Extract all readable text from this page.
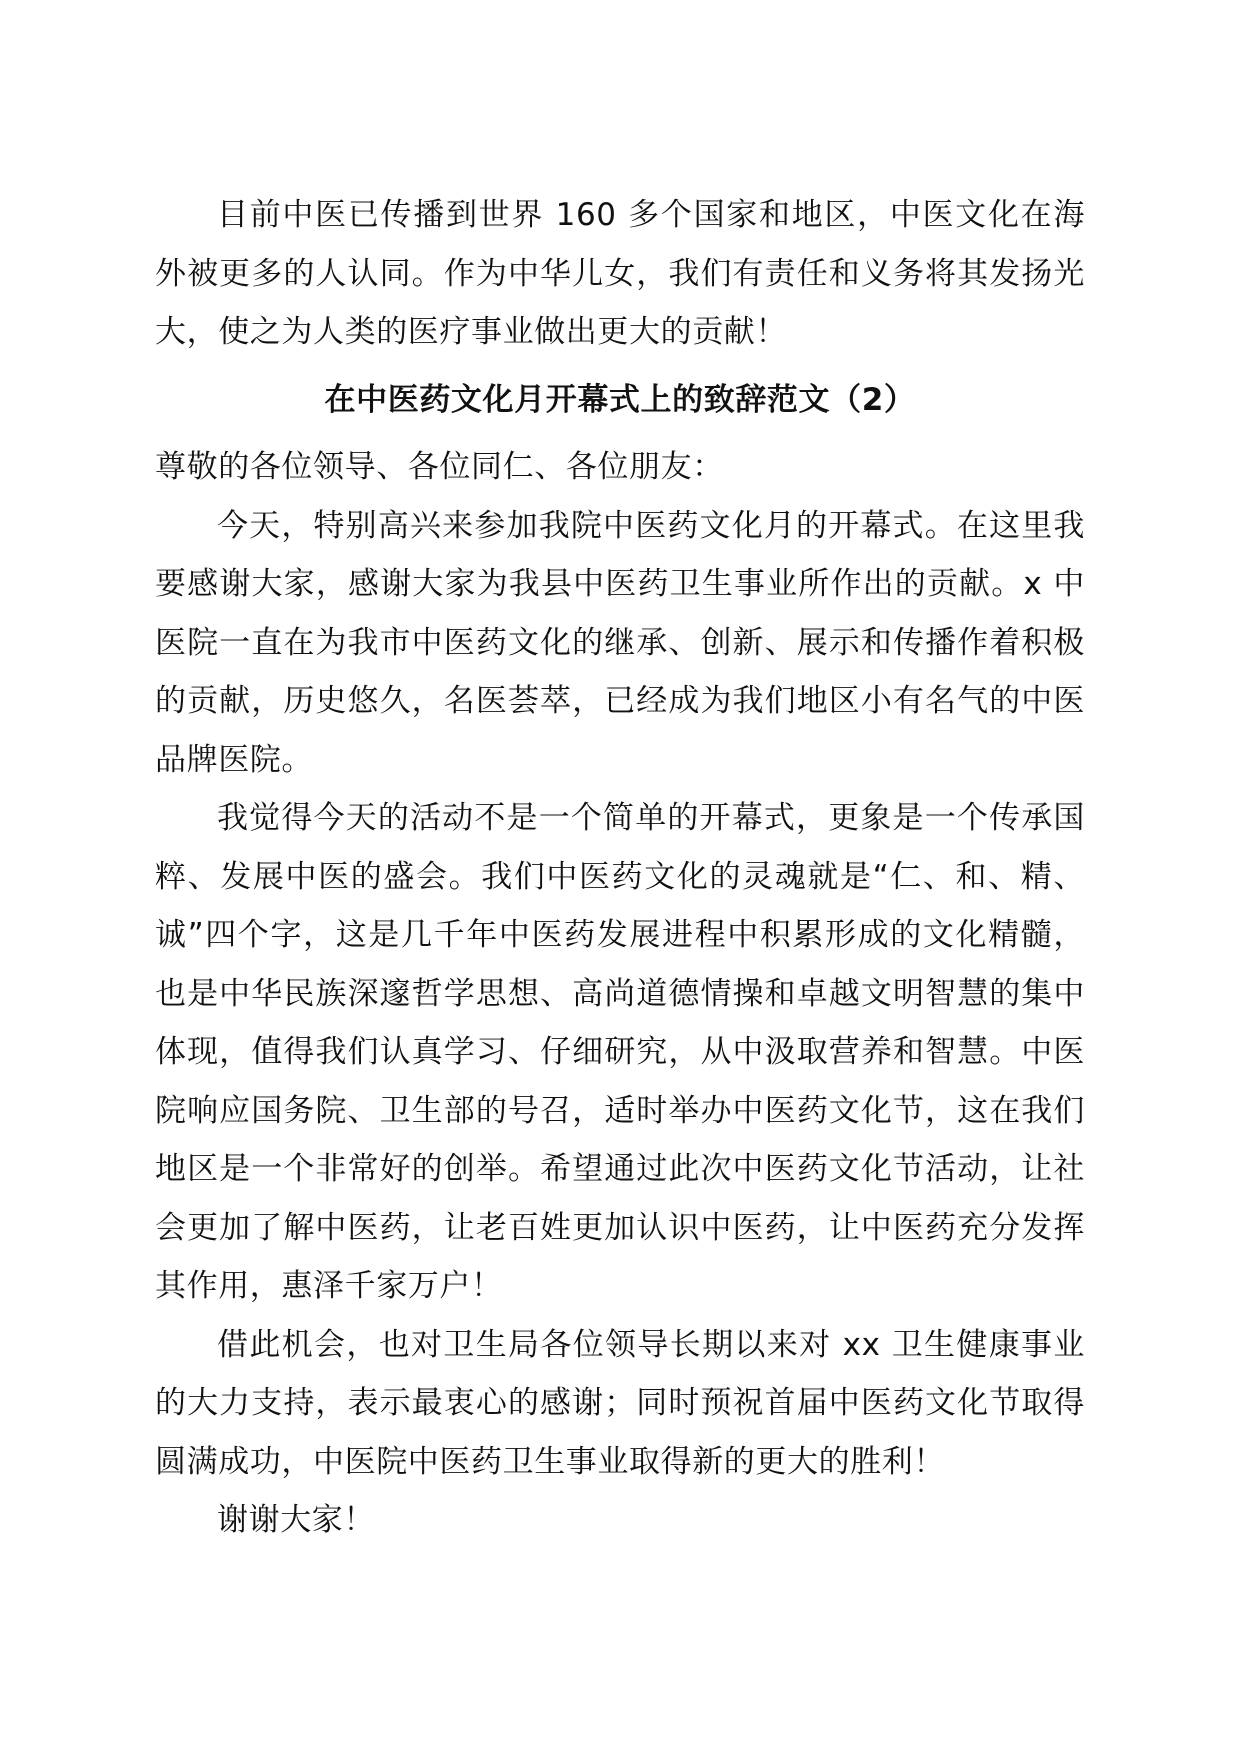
目前中医已传播到世界 160 多个国家和地区，中医文化在海外被更多的人认同。作为中华儿女，我们有责任和义务将其发扬光大，使之为人类的医疗事业做出更大的贡献！

在中医药文化月开幕式上的致辞范文（2）

尊敬的各位领导、各位同仁、各位朋友：

今天，特别高兴来参加我院中医药文化月的开幕式。在这里我要感谢大家，感谢大家为我县中医药卫生事业所作出的贡献。x 中医院一直在为我市中医药文化的继承、创新、展示和传播作着积极的贡献，历史悠久，名医荟萃，已经成为我们地区小有名气的中医品牌医院。

我觉得今天的活动不是一个简单的开幕式，更象是一个传承国粹、发展中医的盛会。我们中医药文化的灵魂就是“仁、和、精、诚”四个字，这是几千年中医药发展进程中积累形成的文化精髓，也是中华民族深邃哲学思想、高尚道德情操和卓越文明智慧的集中体现，值得我们认真学习、仔细研究，从中汲取营养和智慧。中医院响应国务院、卫生部的号召，适时举办中医药文化节，这在我们地区是一个非常好的创举。希望通过此次中医药文化节活动，让社会更加了解中医药，让老百姓更加认识中医药，让中医药充分发挥其作用，惠泽千家万户！

借此机会，也对卫生局各位领导长期以来对 xx 卫生健康事业的大力支持，表示最衷心的感谢；同时预祝首届中医药文化节取得圆满成功，中医院中医药卫生事业取得新的更大的胜利！

谢谢大家！
